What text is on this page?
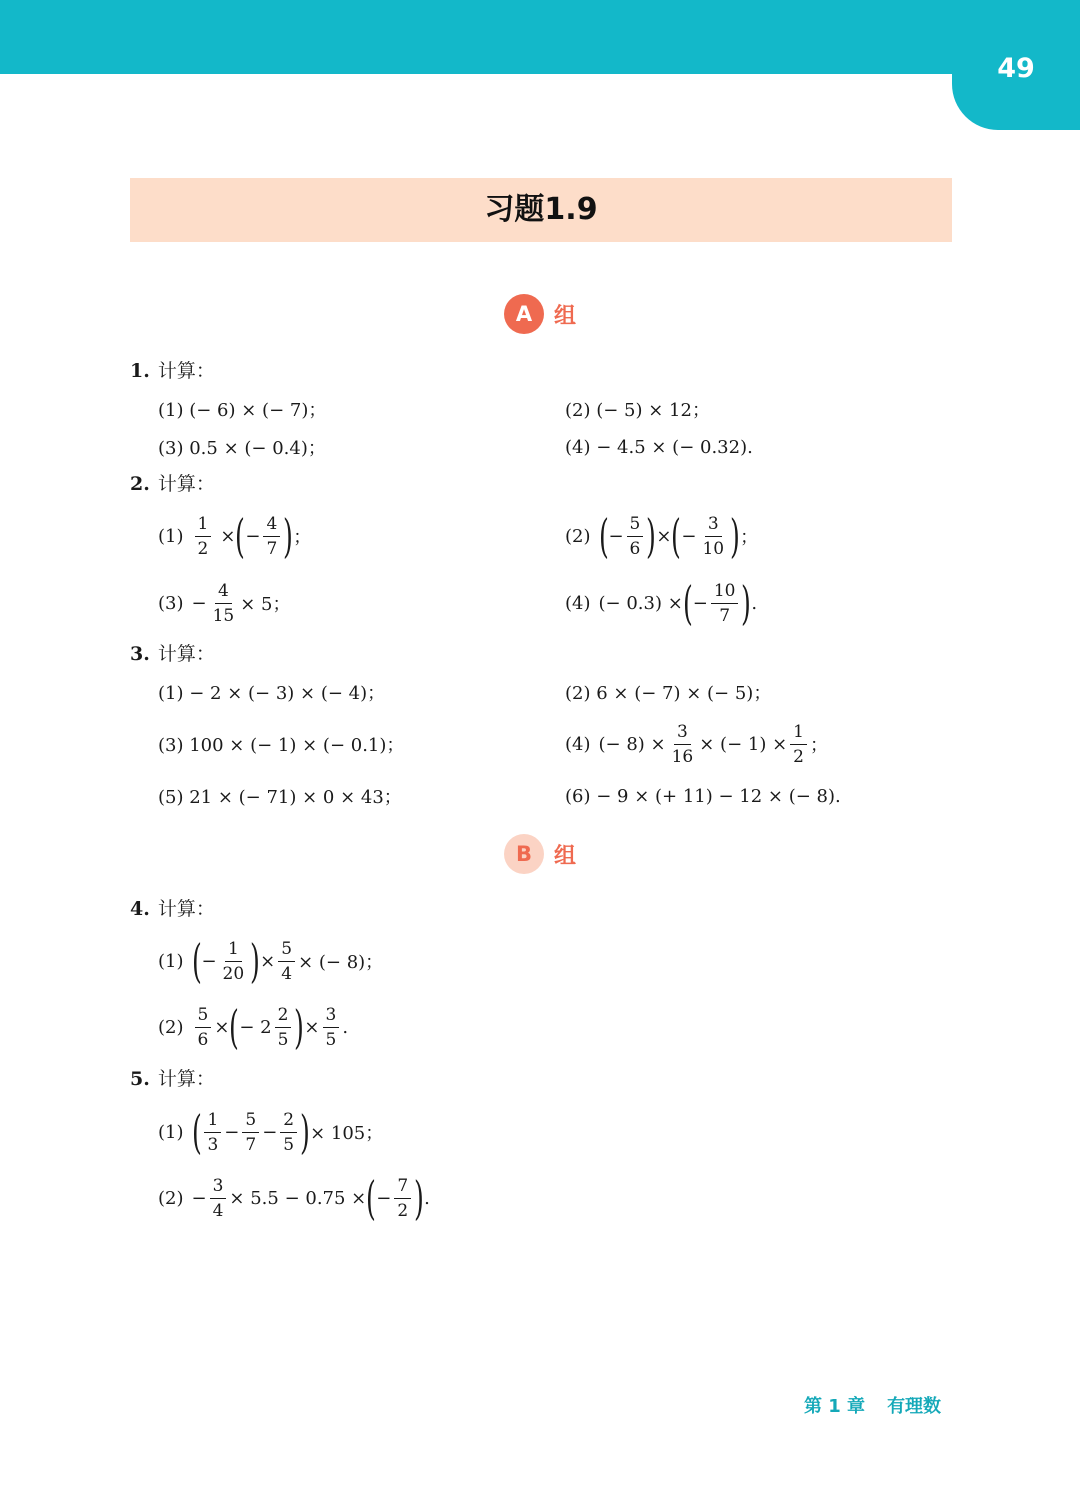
49
习题1.9
A 组
1. 计算：
(1) (− 6) × (− 7)；	(2) (− 5) × 12；
(3) 0.5 × (− 0.4)；	(4) − 4.5 × (− 0.32).
2. 计算：
$(1) \frac{1}{2}$ × ( − $\frac{4}{7}$ ) ；	(2) ( − $\frac{5}{6}$ ) × ( − $\frac{3}{10}$ ) ；
$(3) - \frac{4}{15} \times 5$；	(4) (− 0.3) × ( − $\frac{10}{7}$ ) .
3. 计算：
(1) − 2 × (− 3) × (− 4)；	(2) 6 × (− 7) × (− 5)；
(3) 100 × (− 1) × (− 0.1)；	(4) (− $8) \times \frac{3}{16}$ × (− $1) \times \frac{1}{2}$ ；
(5) 21 × (− 71) × 0 × 43；	(6) − 9 × (+ 11) − 12 × (− 8).
B	组
4. 计算：
(1) ( − $\frac{1}{20}$ ) × $\frac{5}{4}$ × (− 8)；
$(2) \frac{5}{6}$ × ( − $2 \frac{2}{5}$ ) × $\frac{3}{5}$ .
5. 计算：
(1) ( $\frac{1}{3} - \frac{5}{7} - \frac{2}{5}$ ) × 105；
$(2) - \frac{3}{4} \times 5.5 - 0.75$ × ( − $\frac{7}{2}$ ) .
第 1 章 有理数
